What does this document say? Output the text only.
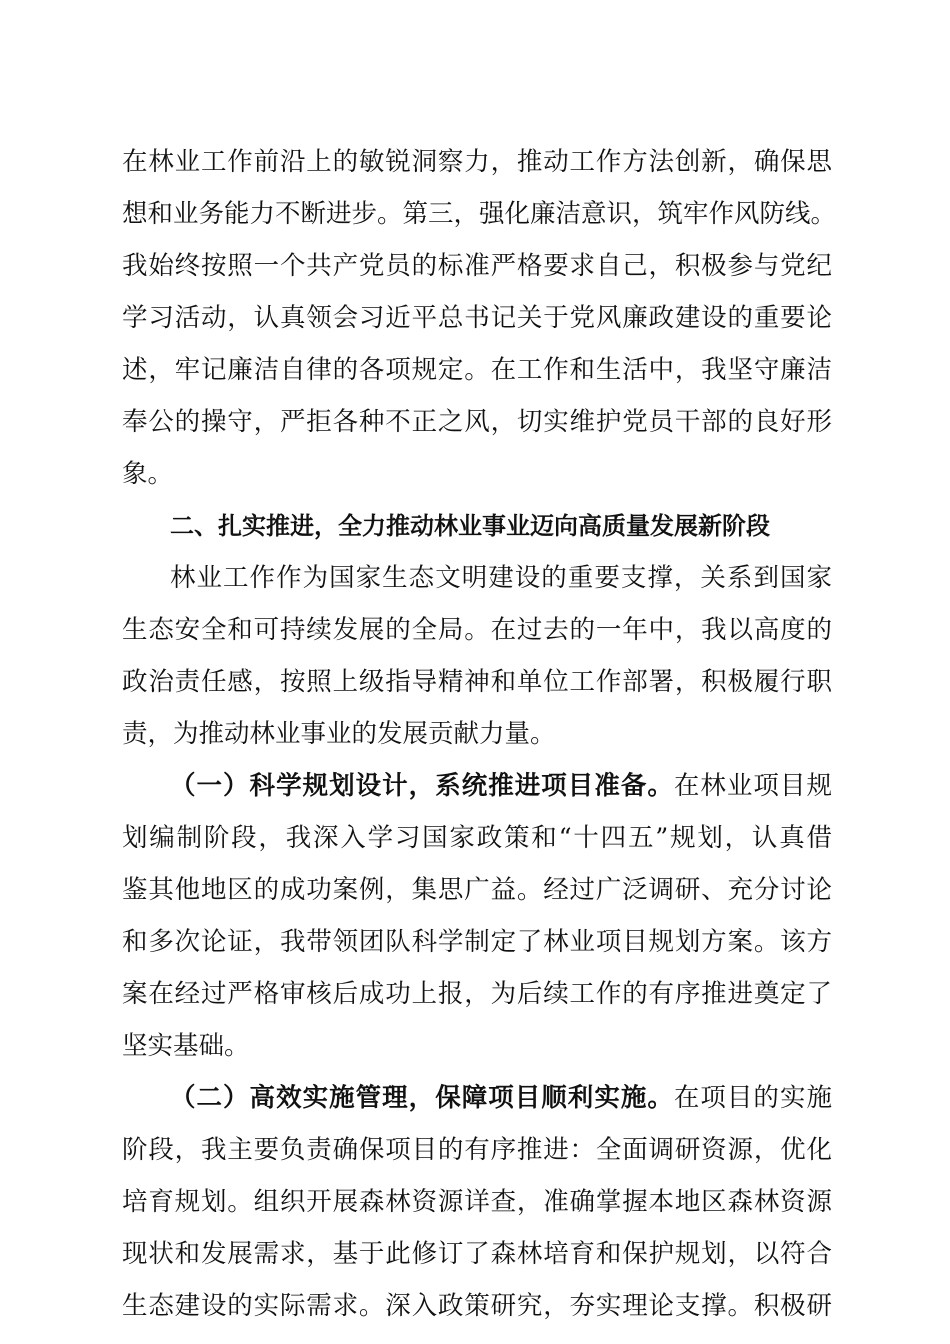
在林业工作前沿上的敏锐洞察力，推动工作方法创新，确保思
想和业务能力不断进步。第三，强化廉洁意识，筑牢作风防线。
我始终按照一个共产党员的标准严格要求自己，积极参与党纪
学习活动，认真领会习近平总书记关于党风廉政建设的重要论
述，牢记廉洁自律的各项规定。在工作和生活中，我坚守廉洁
奉公的操守，严拒各种不正之风，切实维护党员干部的良好形
象。
二、扎实推进，全力推动林业事业迈向高质量发展新阶段
林业工作作为国家生态文明建设的重要支撑，关系到国家
生态安全和可持续发展的全局。在过去的一年中，我以高度的
政治责任感，按照上级指导精神和单位工作部署，积极履行职
责，为推动林业事业的发展贡献力量。
（一）科学规划设计，系统推进项目准备。在林业项目规
划编制阶段，我深入学习国家政策和“十四五”规划，认真借
鉴其他地区的成功案例，集思广益。经过广泛调研、充分讨论
和多次论证，我带领团队科学制定了林业项目规划方案。该方
案在经过严格审核后成功上报，为后续工作的有序推进奠定了
坚实基础。
（二）高效实施管理，保障项目顺利实施。在项目的实施
阶段，我主要负责确保项目的有序推进：全面调研资源，优化
培育规划。组织开展森林资源详查，准确掌握本地区森林资源
现状和发展需求，基于此修订了森林培育和保护规划，以符合
生态建设的实际需求。深入政策研究，夯实理论支撑。积极研
